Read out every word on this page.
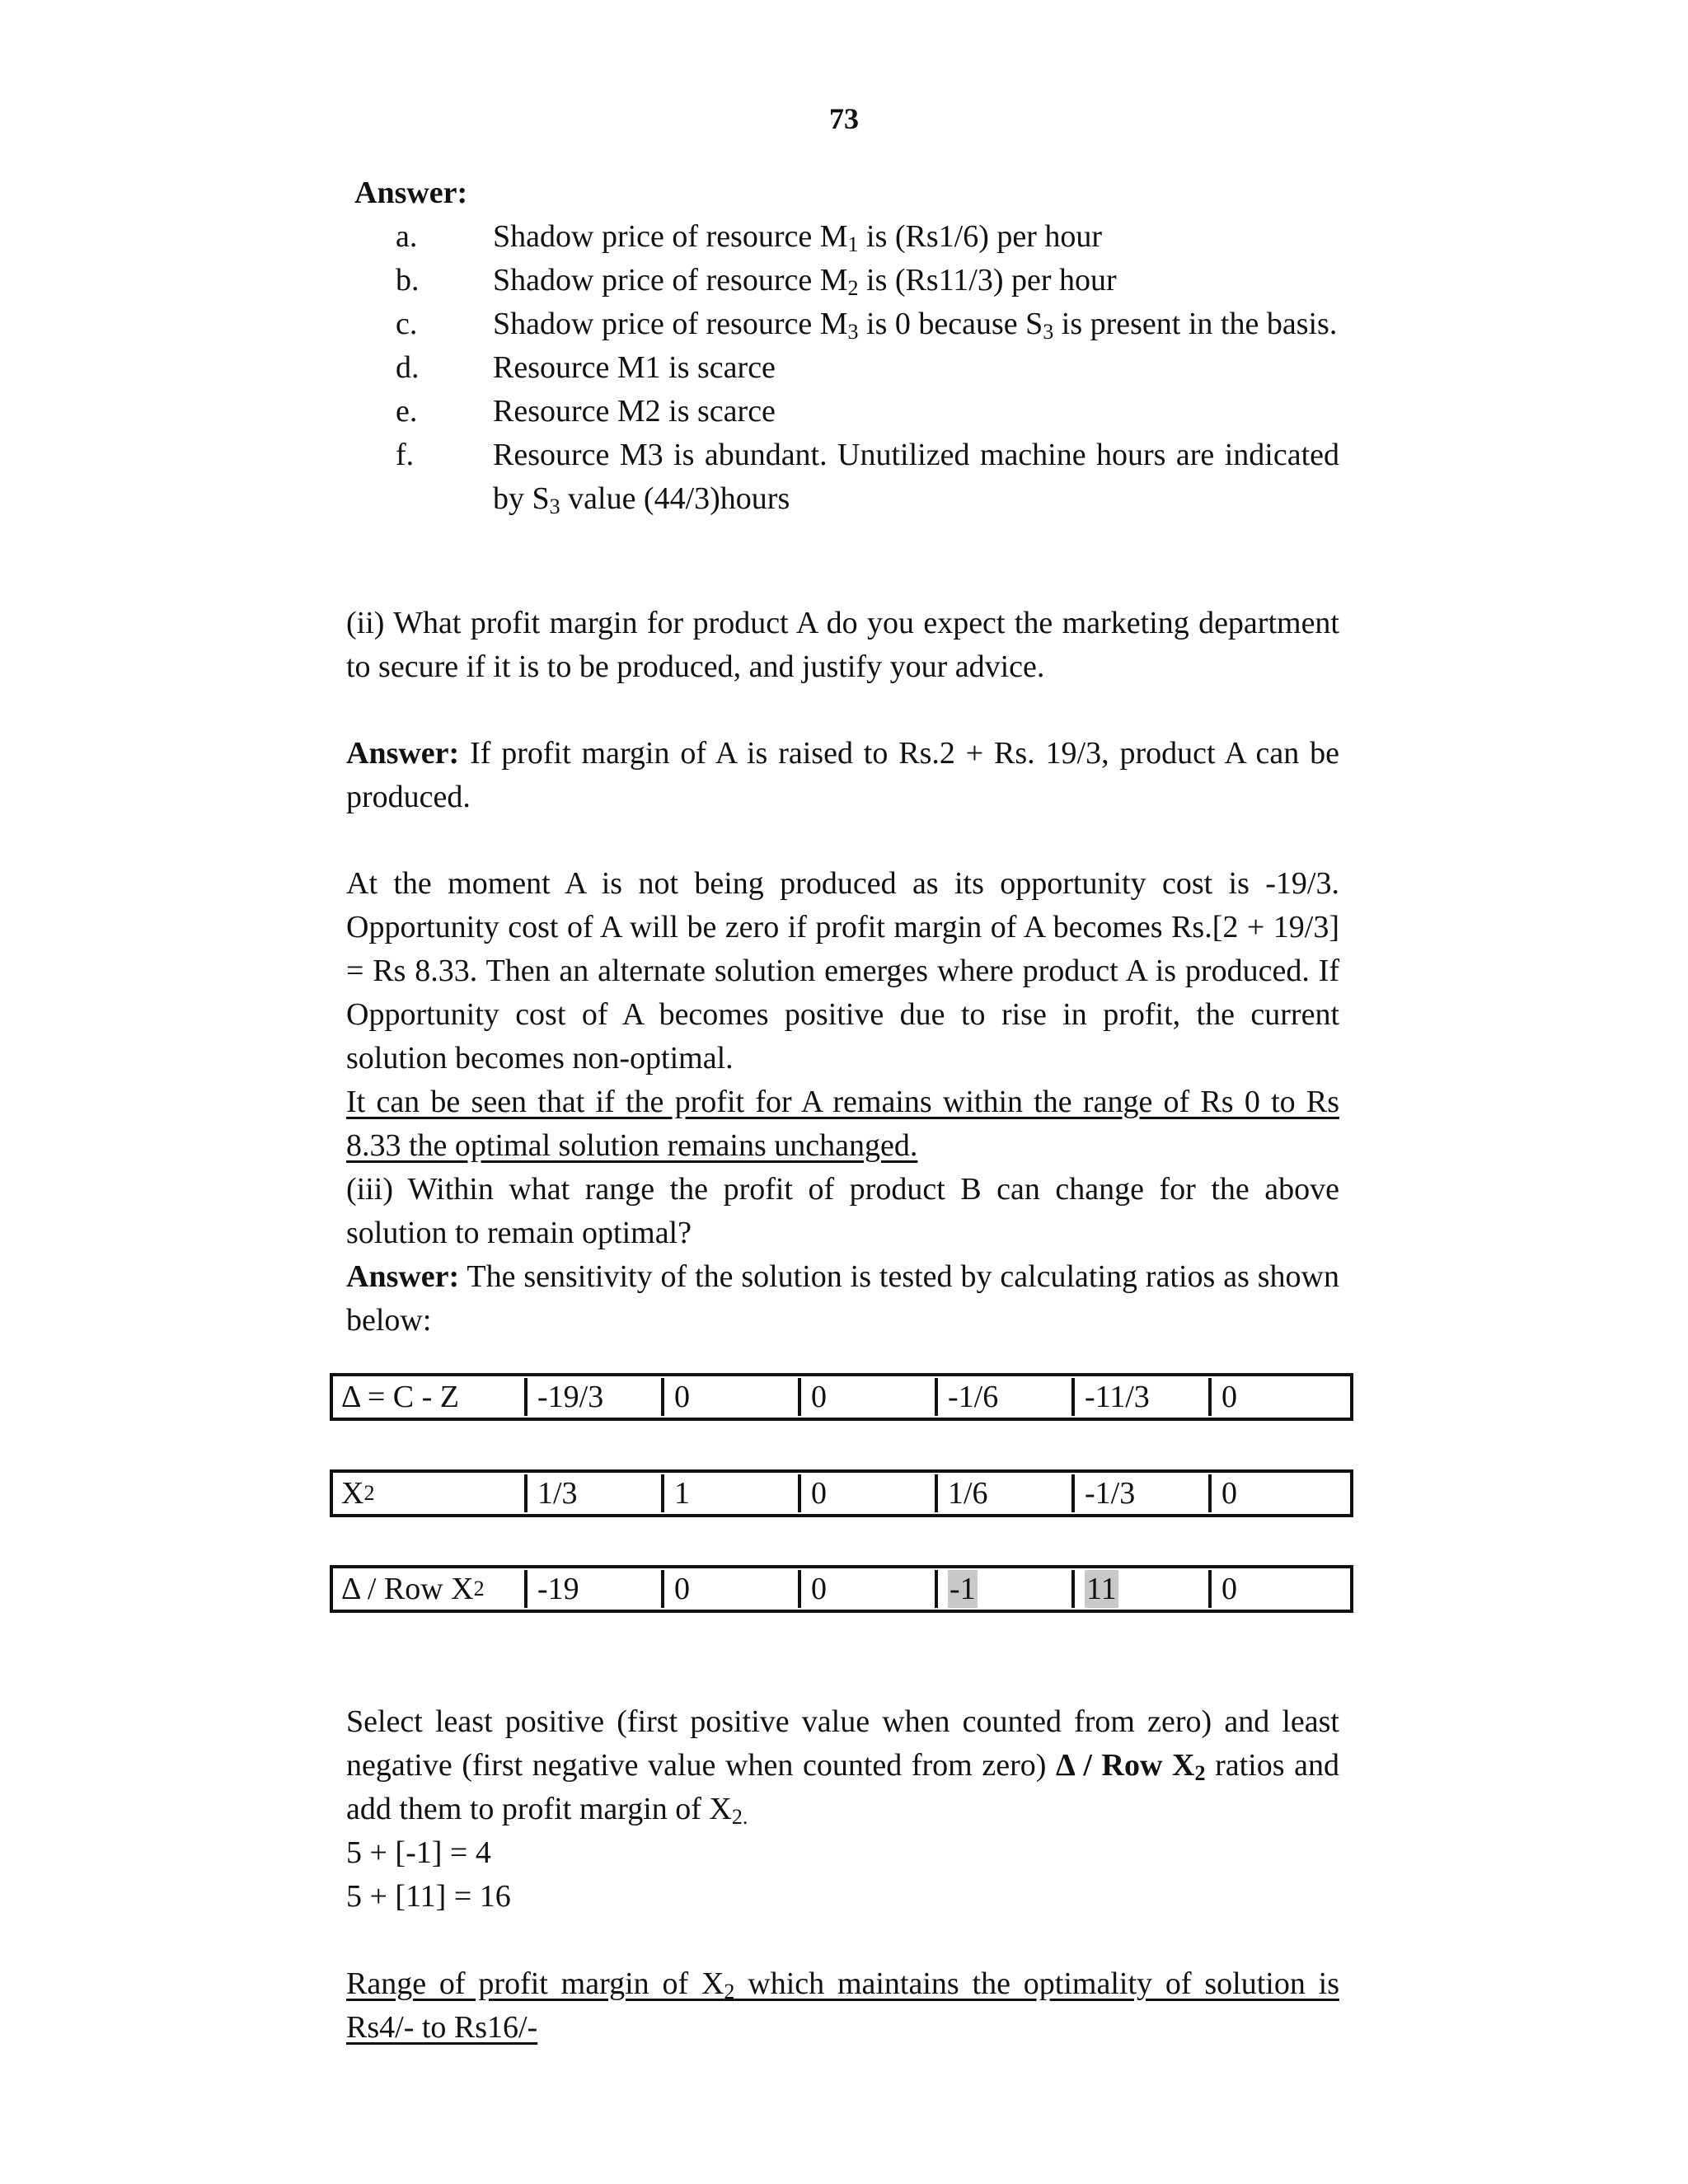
73
Answer:
a.	Shadow price of resource $M_1$ is (Rs1/6) per hour
b.	Shadow price of resource $M_2$ is (Rs11/3) per hour
c.	Shadow price of resource $M_3$ is 0 because $S_3$ is present in the basis.
d.	Resource M1 is scarce
e.	Resource M2 is scarce
f.	Resource M3 is abundant. Unutilized machine hours are indicated by $S_3$ value (44/3)hours
(ii) What profit margin for product A do you expect the marketing department to secure if it is to be produced, and justify your advice.
Answer: If profit margin of A is raised to Rs.2 + Rs. 19/3, product A can be produced.
At the moment A is not being produced as its opportunity cost is -19/3. Opportunity cost of A will be zero if profit margin of A becomes Rs.[2 + 19/3] = Rs 8.33. Then an alternate solution emerges where product A is produced. If Opportunity cost of A becomes positive due to rise in profit, the current solution becomes non-optimal.
It can be seen that if the profit for A remains within the range of Rs 0 to Rs 8.33 the optimal solution remains unchanged.
(iii) Within what range the profit of product B can change for the above solution to remain optimal?
Answer: The sensitivity of the solution is tested by calculating ratios as shown below:
Δ = C - Z	-19/3	0	0	-1/6	-11/3	0
X 2	1/3	1	0	1/6	-1/3	0
Δ / Row X 2	-19	0	0	-1	11	0
Select least positive (first positive value when counted from zero) and least negative (first negative value when counted from zero) Δ / Row $X_2$ ratios and add them to profit margin of $X_{2.}$
5 + [-1] = 4
5 + [11] = 16
Range of profit margin of $X_2$ which maintains the optimality of solution is Rs4/- to Rs16/-
